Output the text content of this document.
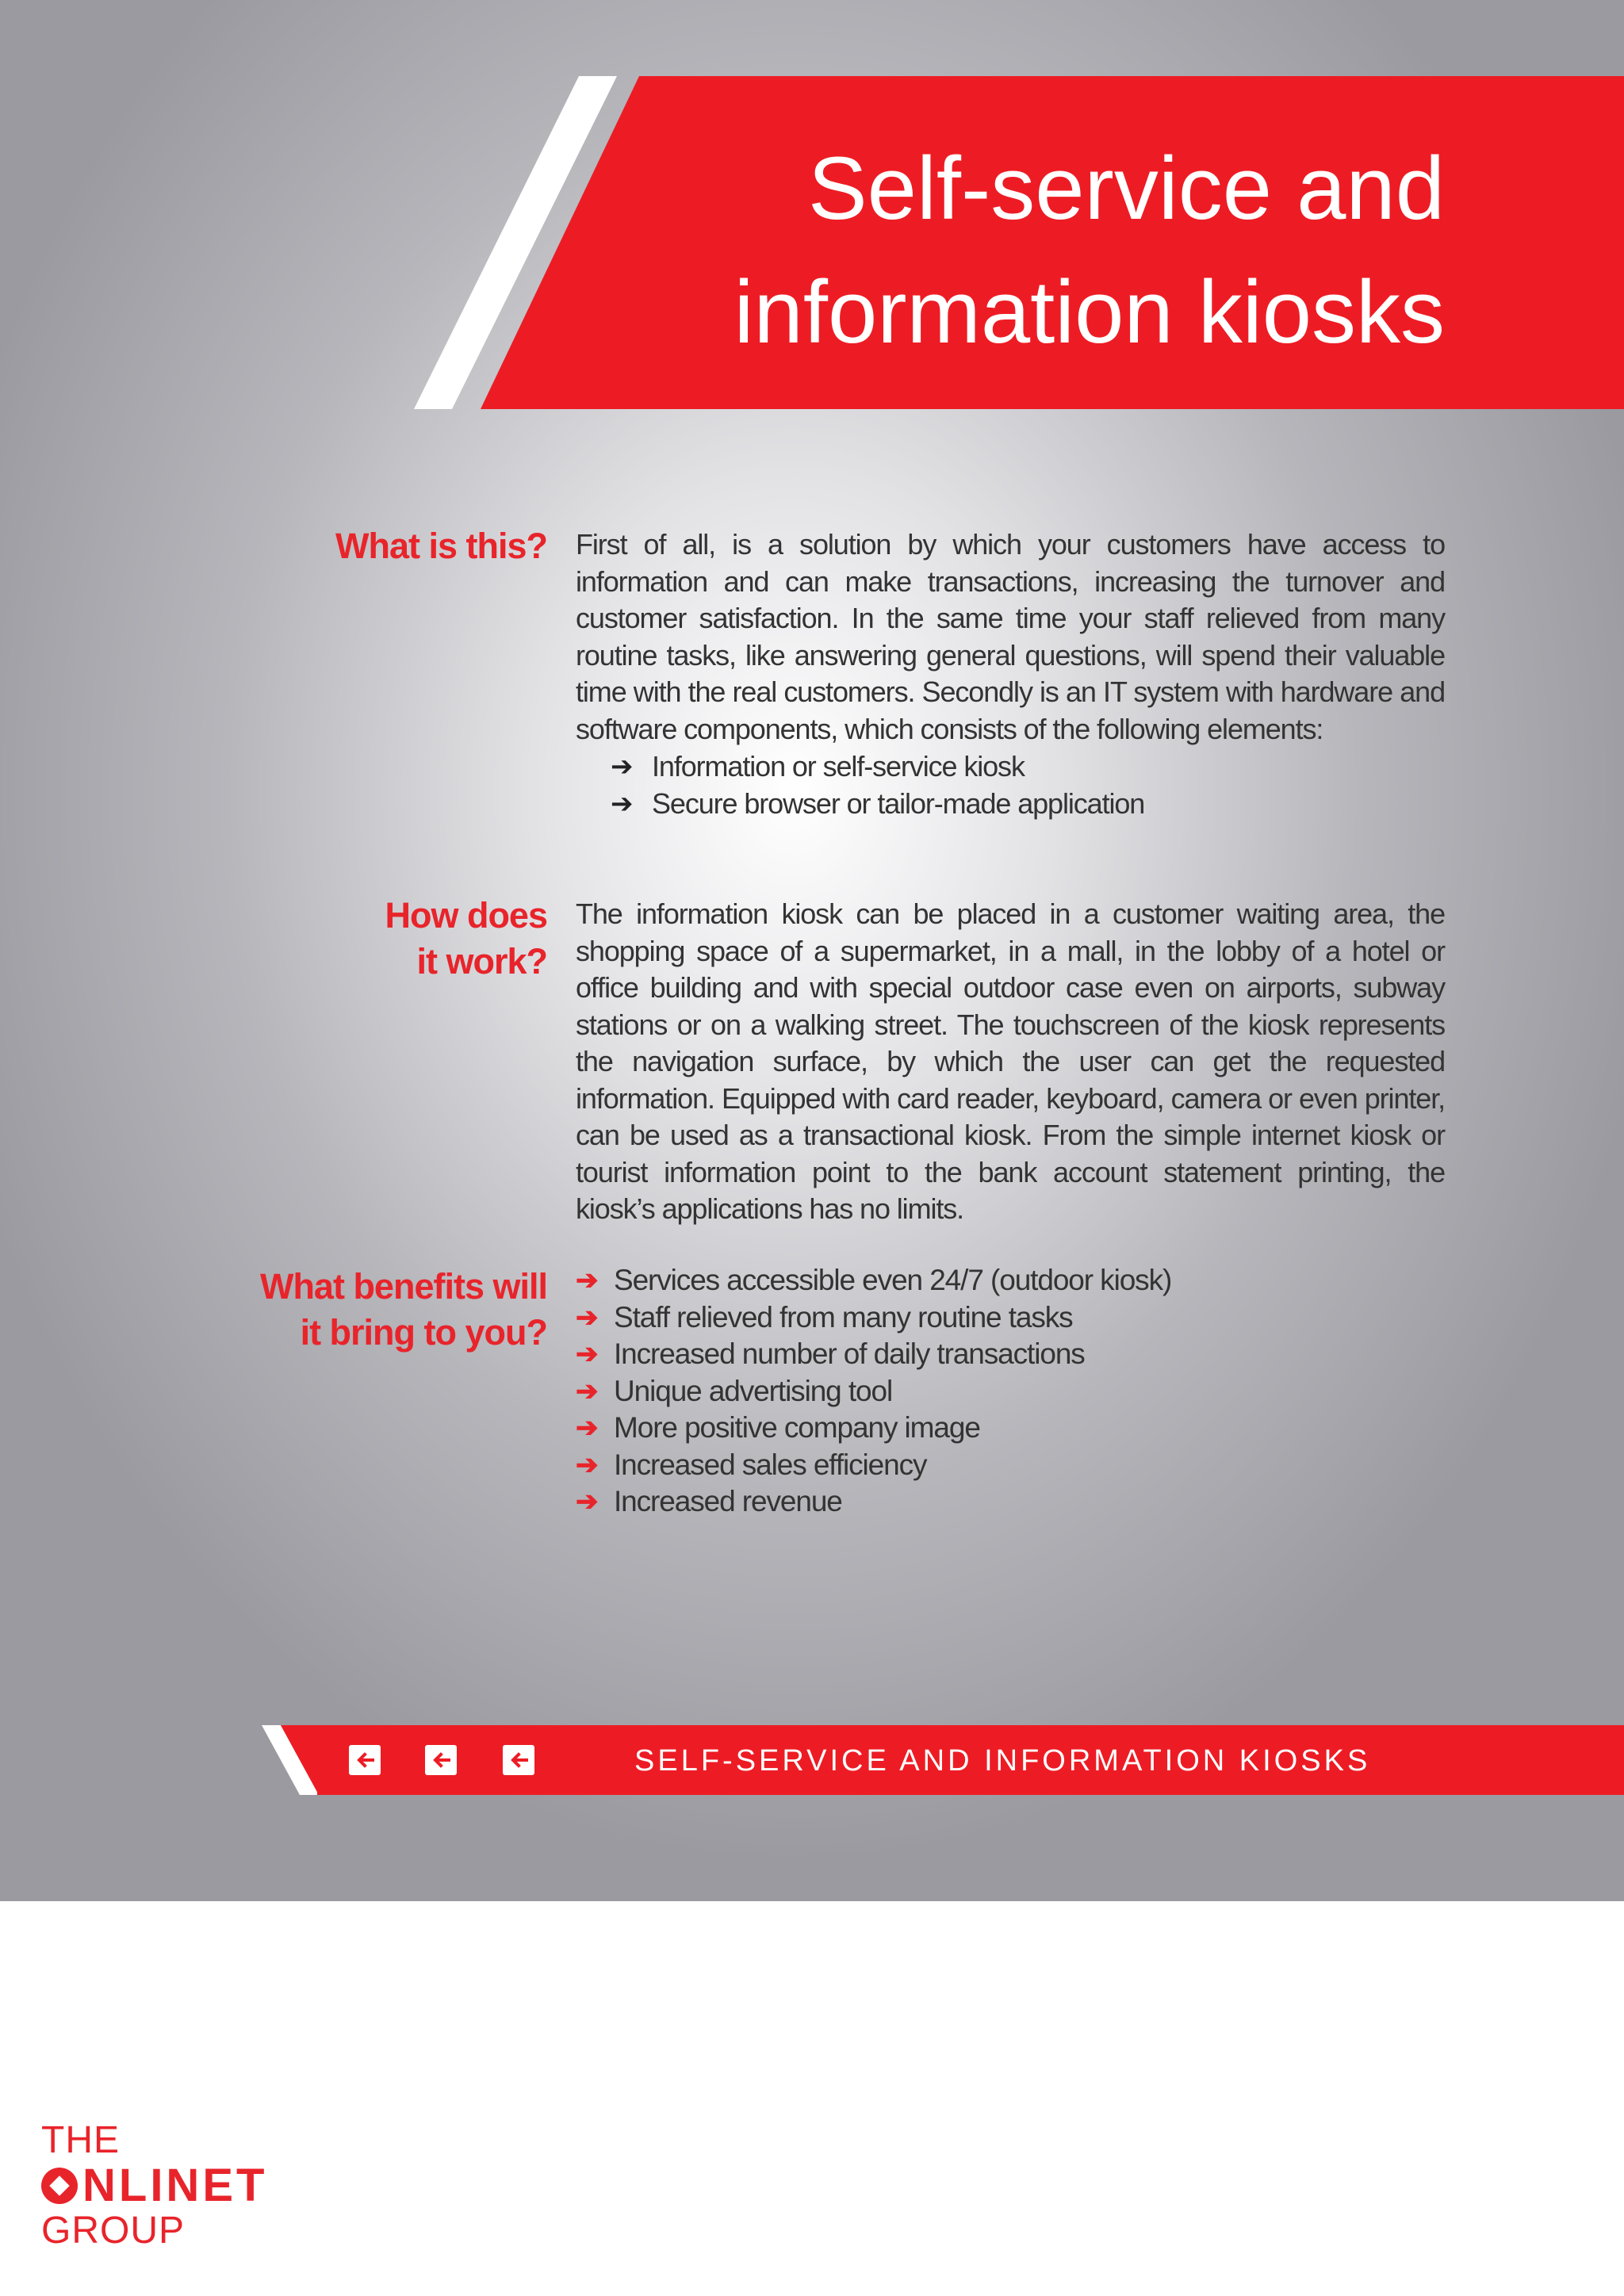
Self-service and
information kiosks
What is this? First of all, is a solution by which your customers have access to information and can make transactions, increasing the turnover and customer satisfaction. In the same time your staff relieved from many routine tasks, like answering general questions, will spend their valuable time with the real customers. Secondly is an IT system with hardware and software components, which consists of the following elements:

➔ Information or self-service kiosk
➔ Secure browser or tailor-made application
How does
it work?

The information kiosk can be placed in a customer waiting area, the shopping space of a supermarket, in a mall, in the lobby of a hotel or office building and with special outdoor case even on airports, subway stations or on a walking street. The touchscreen of the kiosk represents the navigation surface, by which the user can get the requested information. Equipped with card reader, keyboard, camera or even printer, can be used as a transactional kiosk. From the simple internet kiosk or tourist information point to the bank account statement printing, the kiosk’s applications has no limits.

What benefits will
it bring to you?
➔ Services accessible even 24/7 (outdoor kiosk)
➔ Staff relieved from many routine tasks
➔ Increased number of daily transactions
➔ Unique advertising tool
➔ More positive company image
➔ Increased sales efficiency
➔ Increased revenue

SELF-SERVICE AND INFORMATION KIOSKS

THE
NLINET
GROUP
